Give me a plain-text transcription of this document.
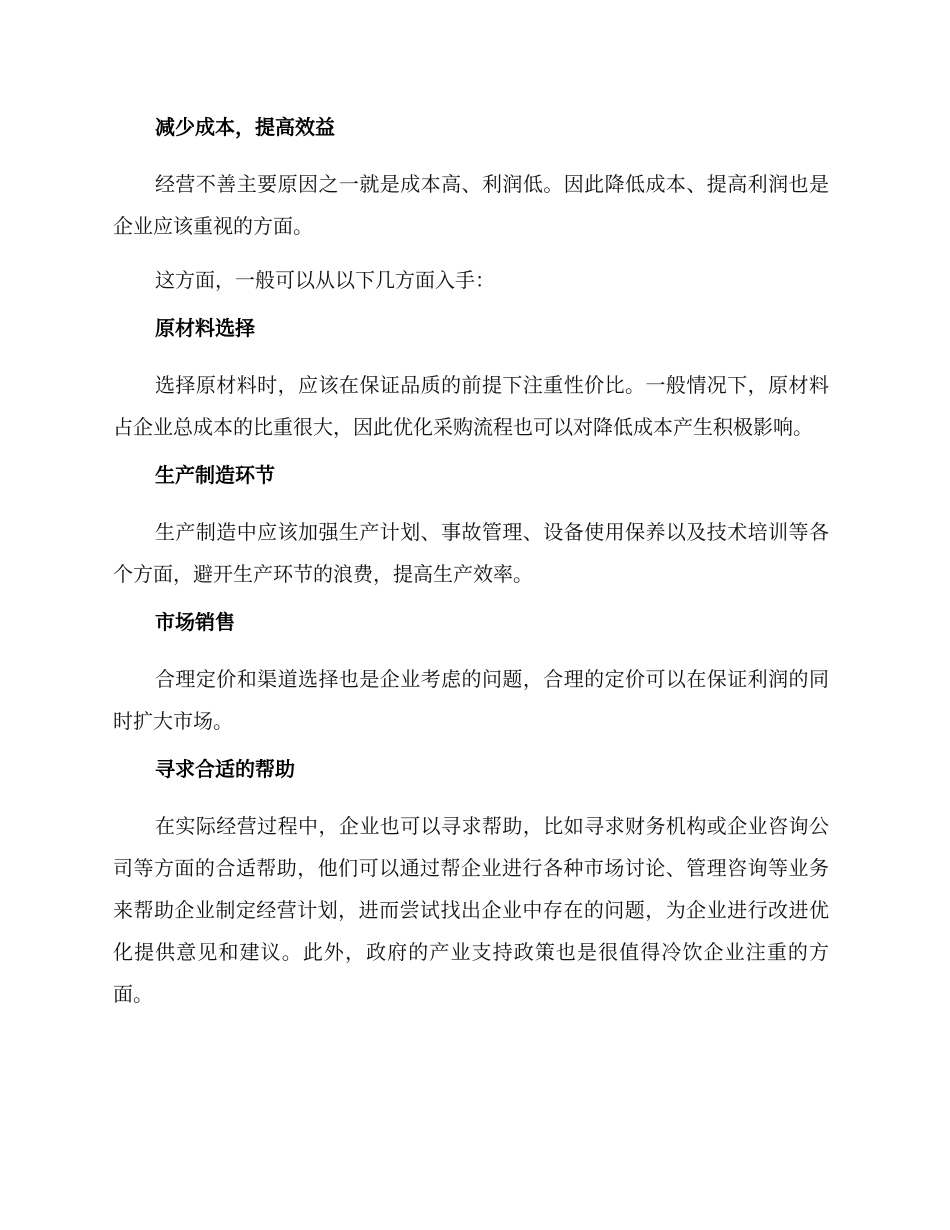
减少成本，提高效益

经营不善主要原因之一就是成本高、利润低。因此降低成本、提高利润也是企业应该重视的方面。

这方面，一般可以从以下几方面入手：

原材料选择

选择原材料时，应该在保证品质的前提下注重性价比。一般情况下，原材料占企业总成本的比重很大，因此优化采购流程也可以对降低成本产生积极影响。

生产制造环节

生产制造中应该加强生产计划、事故管理、设备使用保养以及技术培训等各个方面，避开生产环节的浪费，提高生产效率。

市场销售

合理定价和渠道选择也是企业考虑的问题，合理的定价可以在保证利润的同时扩大市场。

寻求合适的帮助

在实际经营过程中，企业也可以寻求帮助，比如寻求财务机构或企业咨询公司等方面的合适帮助，他们可以通过帮企业进行各种市场讨论、管理咨询等业务来帮助企业制定经营计划，进而尝试找出企业中存在的问题，为企业进行改进优化提供意见和建议。此外，政府的产业支持政策也是很值得冷饮企业注重的方面。
